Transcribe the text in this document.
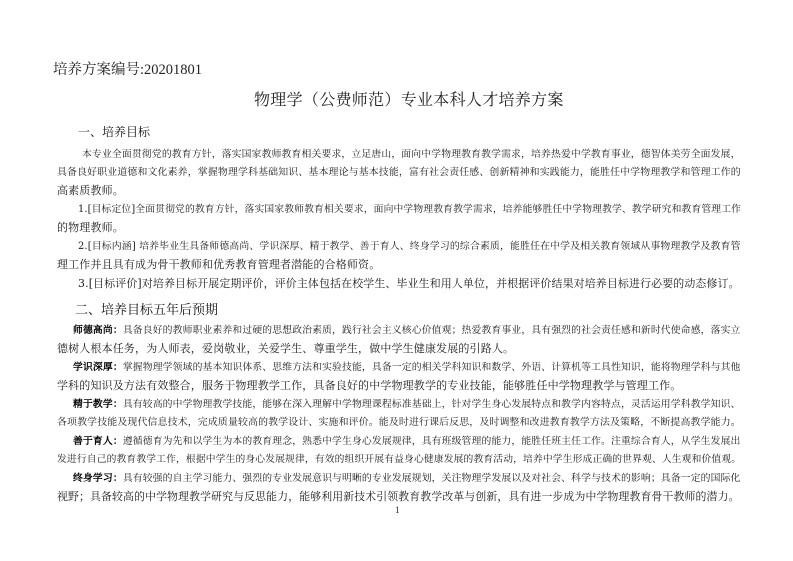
培养方案编号:20201801
物理学（公费师范）专业本科人才培养方案
一、培养目标
本专业全面贯彻党的教育方针，落实国家教师教育相关要求，立足唐山，面向中学物理教育教学需求，培养热爱中学教育事业，德智体美劳全面发展，
具备良好职业道德和文化素养，掌握物理学科基础知识、基本理论与基本技能，富有社会责任感、创新精神和实践能力，能胜任中学物理教学和管理工作的
高素质教师。
1.[目标定位]全面贯彻党的教育方针，落实国家教师教育相关要求，面向中学物理教育教学需求，培养能够胜任中学物理教学、教学研究和教育管理工作
的物理教师。
2.[目标内涵] 培养毕业生具备师德高尚、学识深厚、精于教学、善于育人、终身学习的综合素质，能胜任在中学及相关教育领域从事物理教学及教育管
理工作并且具有成为骨干教师和优秀教育管理者潜能的合格师资。
3.[目标评价]对培养目标开展定期评价，评价主体包括在校学生、毕业生和用人单位，并根据评价结果对培养目标进行必要的动态修订。
二、培养目标五年后预期
师德高尚：具备良好的教师职业素养和过硬的思想政治素质，践行社会主义核心价值观；热爱教育事业，具有强烈的社会责任感和新时代使命感，落实立
德树人根本任务，为人师表，爱岗敬业，关爱学生、尊重学生，做中学生健康发展的引路人。
学识深厚：掌握物理学领域的基本知识体系、思维方法和实验技能，具备一定的相关学科知识和数学、外语、计算机等工具性知识，能将物理学科与其他
学科的知识及方法有效整合，服务于物理教学工作，具备良好的中学物理教学的专业技能，能够胜任中学物理教学与管理工作。
精于教学：具有较高的中学物理教学技能，能够在深入理解中学物理课程标准基础上，针对学生身心发展特点和教学内容特点，灵活运用学科教学知识、
各项教学技能及现代信息技术，完成质量较高的教学设计、实施和评价。能及时进行课后反思，及时调整和改进教育教学方法及策略，不断提高教学能力。
善于育人：遵循德育为先和以学生为本的教育理念，熟悉中学生身心发展规律，具有班级管理的能力，能胜任班主任工作。注重综合育人，从学生发展出
发进行自己的教育教学工作，根据中学生的身心发展规律，有效的组织开展有益身心健康发展的教育活动，培养中学生形成正确的世界观、人生观和价值观。
终身学习：具有较强的自主学习能力、强烈的专业发展意识与明晰的专业发展规划，关注物理学发展以及对社会、科学与技术的影响；具备一定的国际化
视野；具备较高的中学物理教学研究与反思能力，能够利用新技术引领教育教学改革与创新，具有进一步成为中学物理教育骨干教师的潜力。
1
